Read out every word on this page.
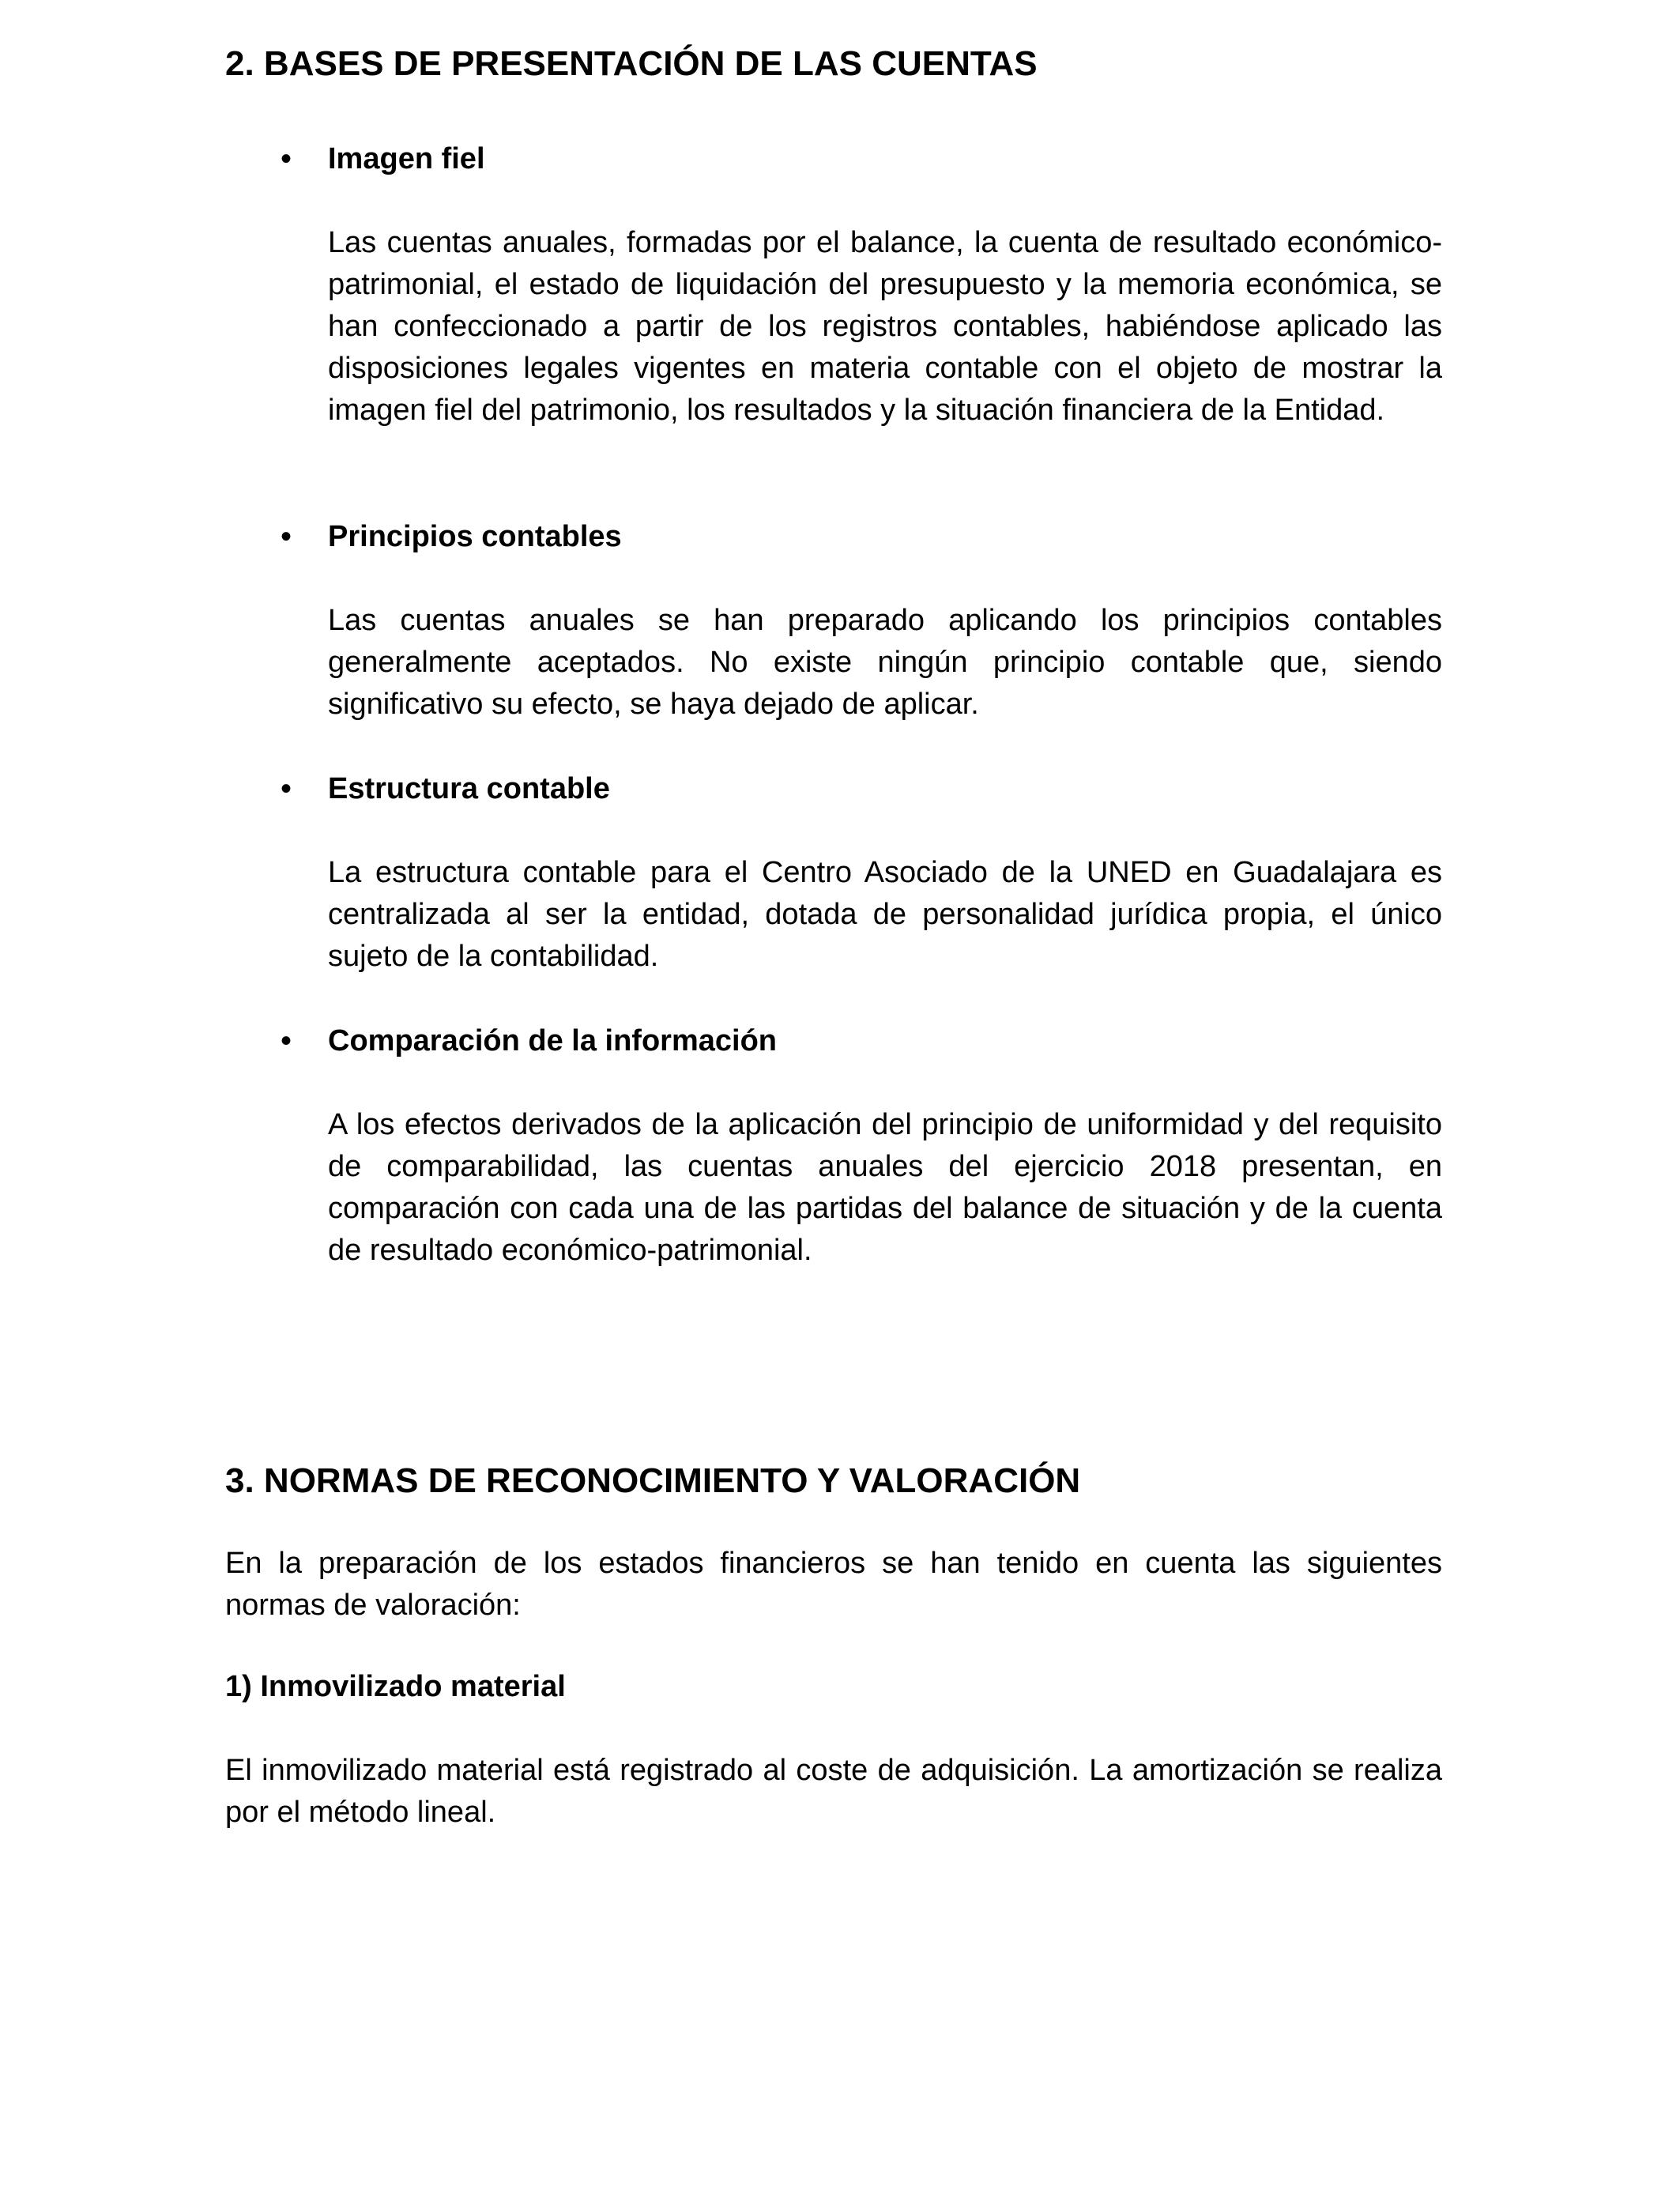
2. BASES DE PRESENTACIÓN DE LAS CUENTAS
• Imagen fiel

Las cuentas anuales, formadas por el balance, la cuenta de resultado económico-patrimonial, el estado de liquidación del presupuesto y la memoria económica, se han confeccionado a partir de los registros contables, habiéndose aplicado las disposiciones legales vigentes en materia contable con el objeto de mostrar la imagen fiel del patrimonio, los resultados y la situación financiera de la Entidad.

• Principios contables

Las cuentas anuales se han preparado aplicando los principios contables generalmente aceptados. No existe ningún principio contable que, siendo significativo su efecto, se haya dejado de aplicar.

• Estructura contable

La estructura contable para el Centro Asociado de la UNED en Guadalajara es centralizada al ser la entidad, dotada de personalidad jurídica propia, el único sujeto de la contabilidad.

• Comparación de la información

A los efectos derivados de la aplicación del principio de uniformidad y del requisito de comparabilidad, las cuentas anuales del ejercicio 2018 presentan, en comparación con cada una de las partidas del balance de situación y de la cuenta de resultado económico-patrimonial.

3. NORMAS DE RECONOCIMIENTO Y VALORACIÓN

En la preparación de los estados financieros se han tenido en cuenta las siguientes normas de valoración:

1) Inmovilizado material

El inmovilizado material está registrado al coste de adquisición. La amortización se realiza por el método lineal.
